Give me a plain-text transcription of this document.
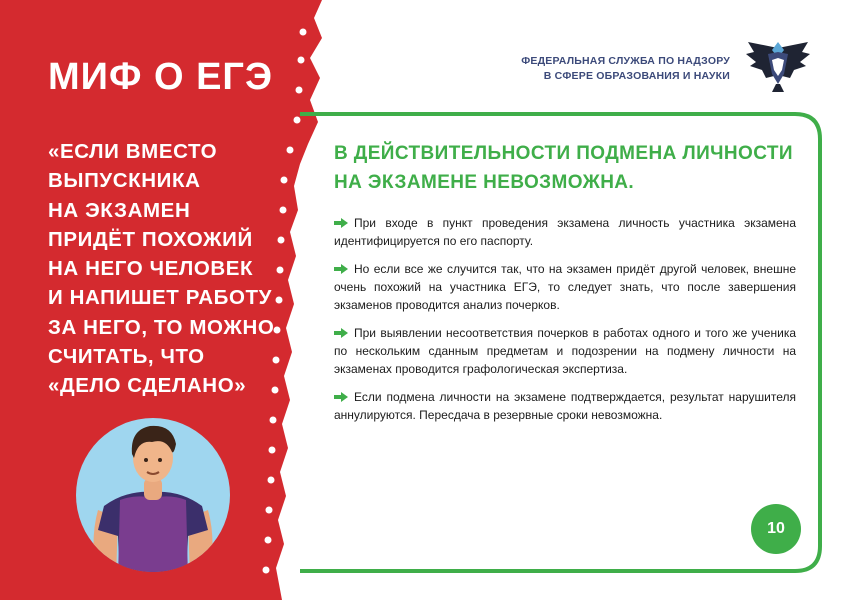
МИФ О ЕГЭ

«ЕСЛИ ВМЕСТО
ВЫПУСКНИКА
НА ЭКЗАМЕН
ПРИДЁТ ПОХОЖИЙ
НА НЕГО ЧЕЛОВЕК
И НАПИШЕТ РАБОТУ
ЗА НЕГО, ТО МОЖНО
СЧИТАТЬ, ЧТО
«ДЕЛО СДЕЛАНО»

ФЕДЕРАЛЬНАЯ СЛУЖБА ПО НАДЗОРУ
В СФЕРЕ ОБРАЗОВАНИЯ И НАУКИ
В ДЕЙСТВИТЕЛЬНОСТИ ПОДМЕНА ЛИЧНОСТИ
НА ЭКЗАМЕНЕ НЕВОЗМОЖНА.
При входе в пункт проведения экзамена личность участника экзамена идентифицируется по его паспорту.
Но если все же случится так, что на экзамен придёт другой человек, внешне очень похожий на участника ЕГЭ, то следует знать, что после завершения экзаменов проводится анализ почерков.
При выявлении несоответствия почерков в работах одного и того же ученика по нескольким сданным предметам и подозрении на подмену личности на экзаменах проводится графологическая экспертиза.
Если подмена личности на экзамене подтверждается, результат нарушителя аннулируются. Пересдача в резервные сроки невозможна.
10
